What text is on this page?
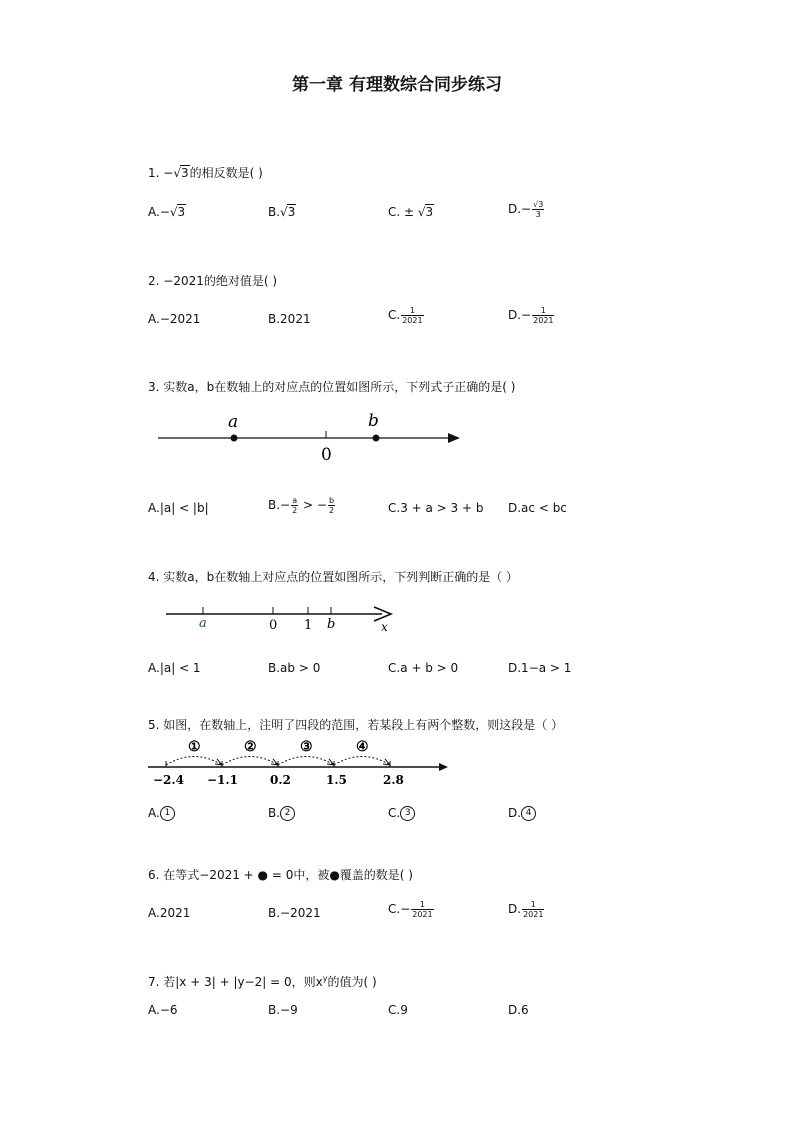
第一章 有理数综合同步练习
1. −√3的相反数是( )
A.−√3	B.√3	C. ± √3	$D.- \frac{√3}{3}$
2. −2021的绝对值是( )
A.−2021	B.2021	C. $\frac{1}{2021}$	$D.- \frac{1}{2021}$
3. 实数a，b在数轴上的对应点的位置如图所示，下列式子正确的是( )
a	b
0
A.|a| < |b|	$B.- \frac{a}{2}$ > − $\frac{b}{2}$	C.3 + a > 3 + b D.ac < bc
4. 实数a，b在数轴上对应点的位置如图所示，下列判断正确的是（ ）
a	0 1 b	x
A.|a| < 1	B.ab > 0	C.a + b > 0	D.1−a > 1
5. 如图，在数轴上，注明了四段的范围，若某段上有两个整数，则这段是（ ）
①	②	③	④
−2.4 −1.1	0.2	1.5	2.8
A. 1	B. 2	C. 3	D. 4
6. 在等式−2021 + ● = 0中，被●覆盖的数是( )
A.2021	B.−2021	$C.- \frac{1}{2021}$	D. $\frac{1}{2021}$
7. 若|x + 3| + |y−2| = 0，则$x^y$的值为( )
A.−6	B.−9	C.9	D.6
